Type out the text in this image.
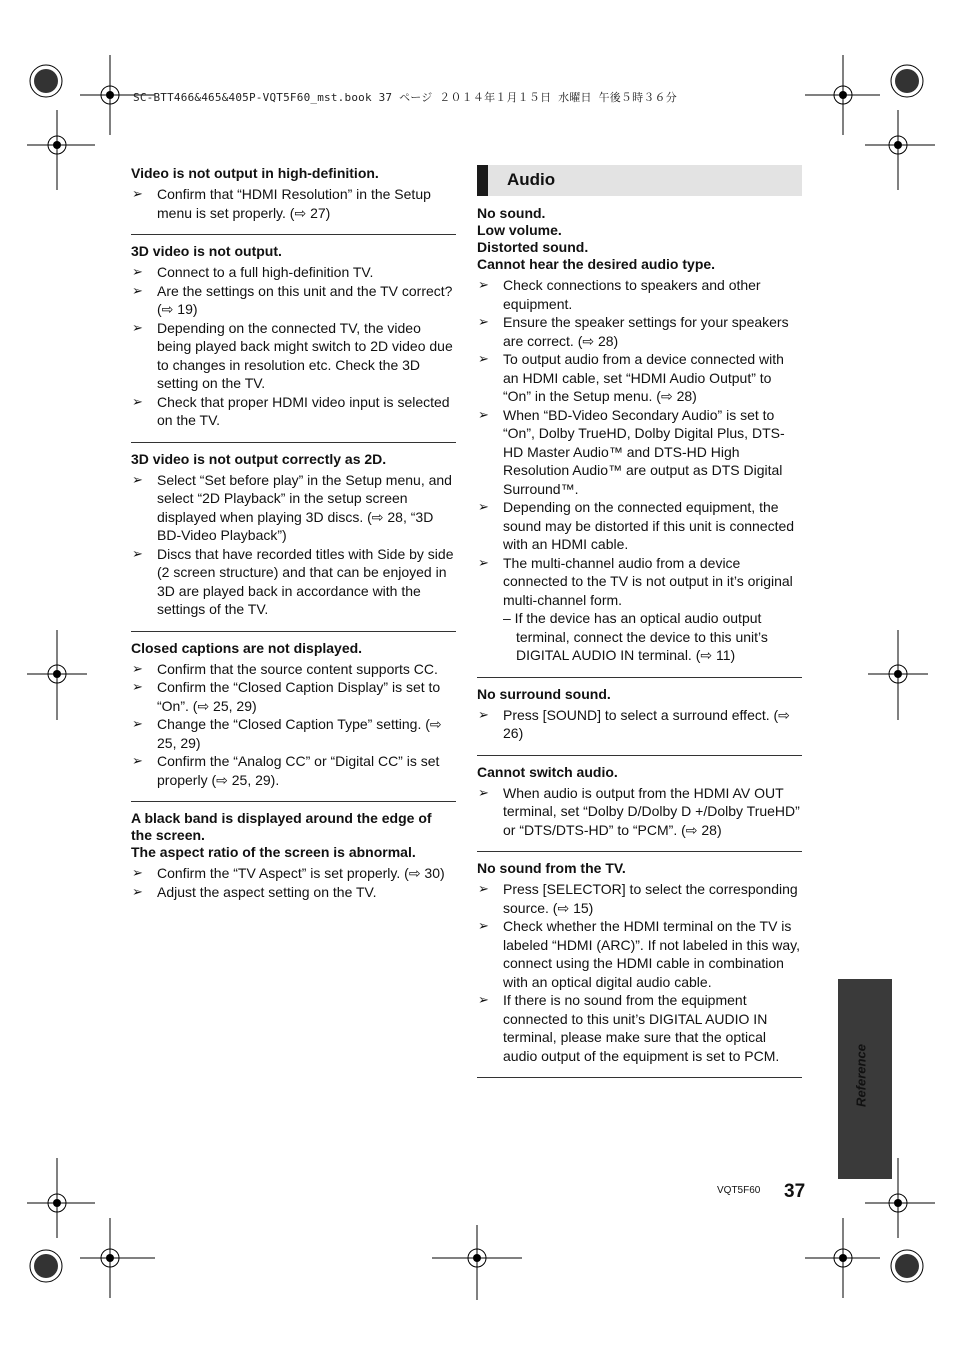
SC-BTT466&465&405P-VQT5F60_mst.book 37 ページ ２０１４年１月１５日 水曜日 午後５時３６分
Video is not output in high-definition.
➢ Confirm that “HDMI Resolution” in the Setup menu is set properly. (⇨ 27)
3D video is not output.
➢ Connect to a full high-definition TV.
➢ Are the settings on this unit and the TV correct? (⇨ 19)
➢ Depending on the connected TV, the video being played back might switch to 2D video due to changes in resolution etc. Check the 3D setting on the TV.
➢ Check that proper HDMI video input is selected on the TV.
3D video is not output correctly as 2D.
➢ Select “Set before play” in the Setup menu, and select “2D Playback” in the setup screen displayed when playing 3D discs. (⇨ 28, “3D BD-Video Playback”)
➢ Discs that have recorded titles with Side by side (2 screen structure) and that can be enjoyed in 3D are played back in accordance with the settings of the TV.
Closed captions are not displayed.
➢ Confirm that the source content supports CC.
➢ Confirm the “Closed Caption Display” is set to “On”. (⇨ 25, 29)
➢ Change the “Closed Caption Type” setting. (⇨ 25, 29)
➢ Confirm the “Analog CC” or “Digital CC” is set properly (⇨ 25, 29).
A black band is displayed around the edge of the screen.
The aspect ratio of the screen is abnormal.
➢ Confirm the “TV Aspect” is set properly. (⇨ 30)
➢ Adjust the aspect setting on the TV.
Audio
No sound.
Low volume.
Distorted sound.
Cannot hear the desired audio type.
➢ Check connections to speakers and other equipment.
➢ Ensure the speaker settings for your speakers are correct. (⇨ 28)
➢ To output audio from a device connected with an HDMI cable, set “HDMI Audio Output” to “On” in the Setup menu. (⇨ 28)
➢ When “BD-Video Secondary Audio” is set to “On”, Dolby TrueHD, Dolby Digital Plus, DTS-HD Master Audio™ and DTS-HD High Resolution Audio™ are output as DTS Digital Surround™.
➢ Depending on the connected equipment, the sound may be distorted if this unit is connected with an HDMI cable.
➢ The multi-channel audio from a device connected to the TV is not output in it’s original multi-channel form.
– If the device has an optical audio output terminal, connect the device to this unit’s DIGITAL AUDIO IN terminal. (⇨ 11)
No surround sound.
➢ Press [SOUND] to select a surround effect. (⇨ 26)
Cannot switch audio.
➢ When audio is output from the HDMI AV OUT terminal, set “Dolby D/Dolby D +/Dolby TrueHD” or “DTS/DTS-HD” to “PCM”. (⇨ 28)
No sound from the TV.
➢ Press [SELECTOR] to select the corresponding source. (⇨ 15)
➢ Check whether the HDMI terminal on the TV is labeled “HDMI (ARC)”. If not labeled in this way, connect using the HDMI cable in combination with an optical digital audio cable.
➢ If there is no sound from the equipment connected to this unit’s DIGITAL AUDIO IN terminal, please make sure that the optical audio output of the equipment is set to PCM.	Reference
VQT5F60 37
